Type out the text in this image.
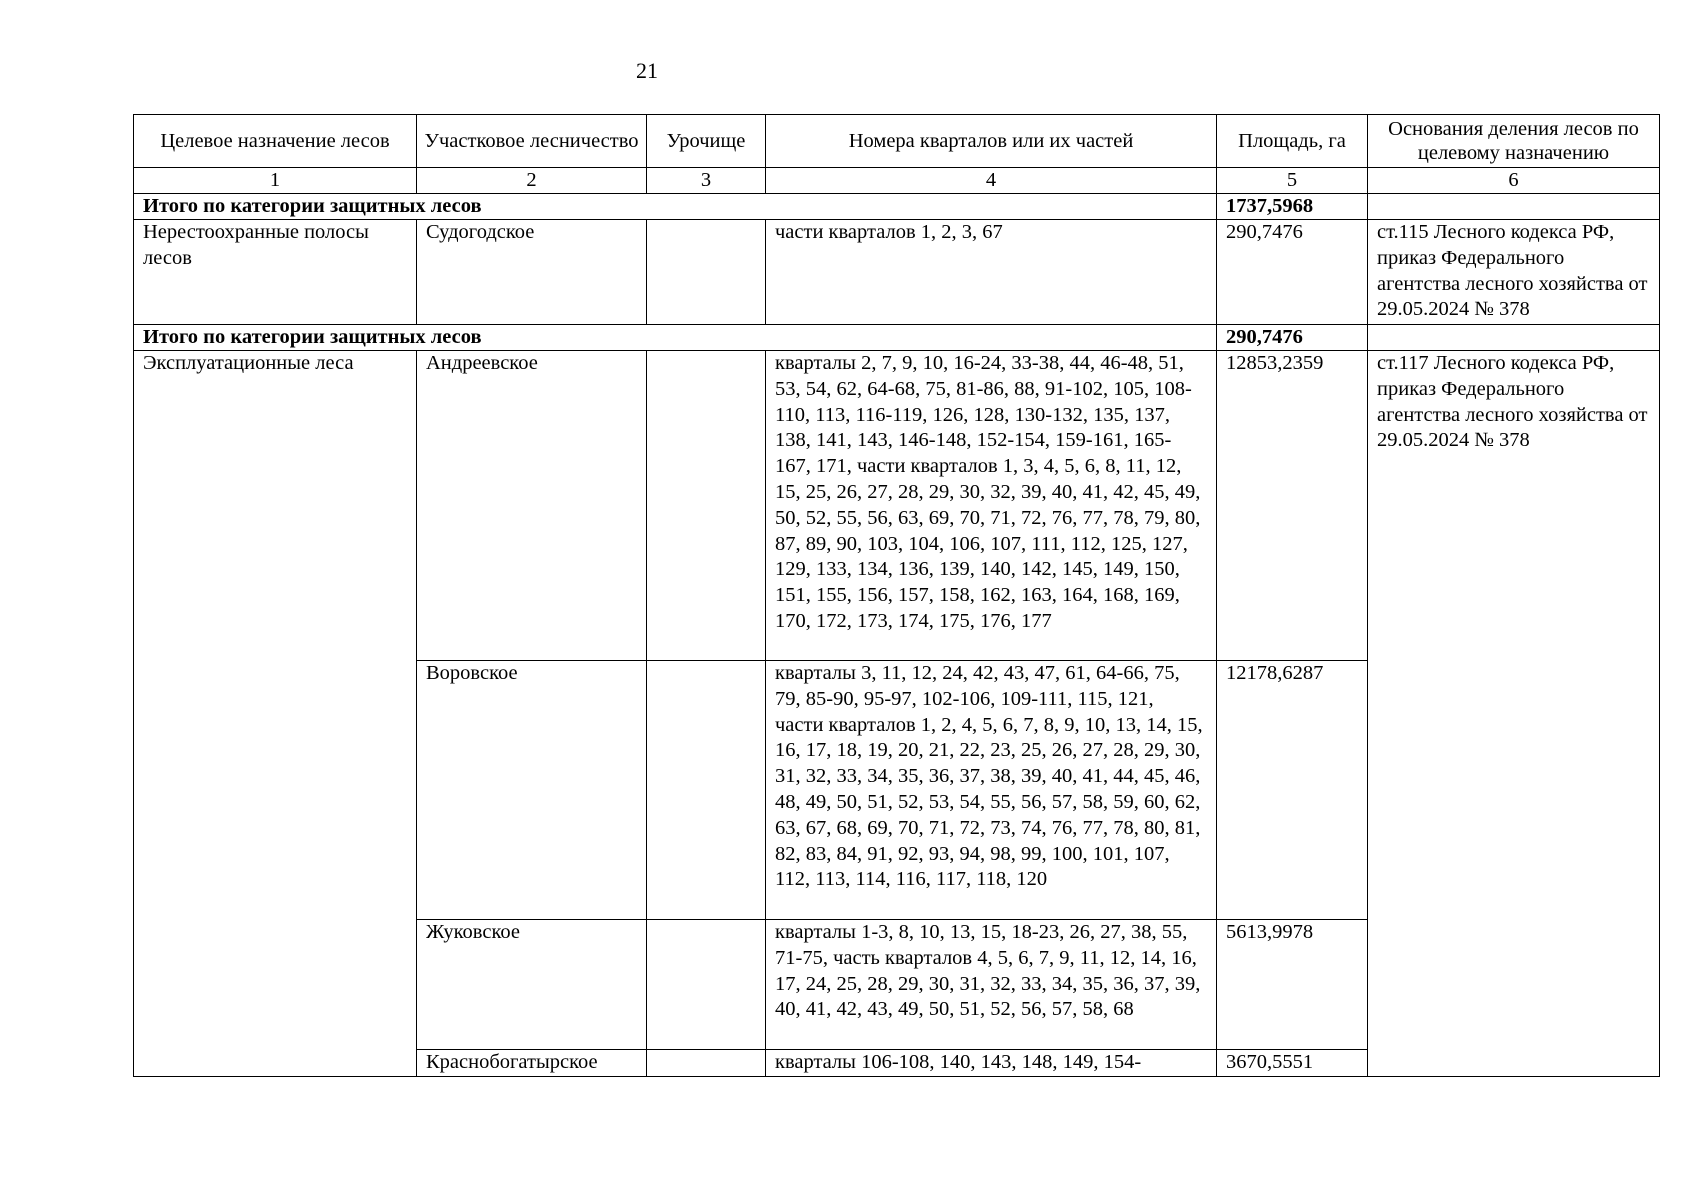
21
Целевое назначение лесов	Участковое лесничество	Урочище	Номера кварталов или их частей	Площадь, га	Основания деления лесов по целевому назначению
1	2	3	4	5	6
Итого по категории защитных лесов				1737,5968	
Нерестоохранные полосы лесов	Судогодское		части кварталов 1, 2, 3, 67	290,7476	ст.115 Лесного кодекса РФ, приказ Федерального агентства лесного хозяйства от 29.05.2024 № 378
Итого по категории защитных лесов				290,7476	
Эксплуатационные леса	Андреевское		кварталы 2, 7, 9, 10, 16-24, 33-38, 44, 46-48, 51, 53, 54, 62, 64-68, 75, 81-86, 88, 91-102, 105, 108-110, 113, 116-119, 126, 128, 130-132, 135, 137, 138, 141, 143, 146-148, 152-154, 159-161, 165-167, 171, части кварталов 1, 3, 4, 5, 6, 8, 11, 12, 15, 25, 26, 27, 28, 29, 30, 32, 39, 40, 41, 42, 45, 49, 50, 52, 55, 56, 63, 69, 70, 71, 72, 76, 77, 78, 79, 80, 87, 89, 90, 103, 104, 106, 107, 111, 112, 125, 127, 129, 133, 134, 136, 139, 140, 142, 145, 149, 150, 151, 155, 156, 157, 158, 162, 163, 164, 168, 169, 170, 172, 173, 174, 175, 176, 177	12853,2359	ст.117 Лесного кодекса РФ, приказ Федерального агентства лесного хозяйства от 29.05.2024 № 378
	Воровское		кварталы 3, 11, 12, 24, 42, 43, 47, 61, 64-66, 75, 79, 85-90, 95-97, 102-106, 109-111, 115, 121, части кварталов 1, 2, 4, 5, 6, 7, 8, 9, 10, 13, 14, 15, 16, 17, 18, 19, 20, 21, 22, 23, 25, 26, 27, 28, 29, 30, 31, 32, 33, 34, 35, 36, 37, 38, 39, 40, 41, 44, 45, 46, 48, 49, 50, 51, 52, 53, 54, 55, 56, 57, 58, 59, 60, 62, 63, 67, 68, 69, 70, 71, 72, 73, 74, 76, 77, 78, 80, 81, 82, 83, 84, 91, 92, 93, 94, 98, 99, 100, 101, 107, 112, 113, 114, 116, 117, 118, 120	12178,6287	
	Жуковское		кварталы 1-3, 8, 10, 13, 15, 18-23, 26, 27, 38, 55, 71-75, часть кварталов 4, 5, 6, 7, 9, 11, 12, 14, 16, 17, 24, 25, 28, 29, 30, 31, 32, 33, 34, 35, 36, 37, 39, 40, 41, 42, 43, 49, 50, 51, 52, 56, 57, 58, 68	5613,9978	
	Краснобогатырское		кварталы 106-108, 140, 143, 148, 149, 154-	3670,5551	
